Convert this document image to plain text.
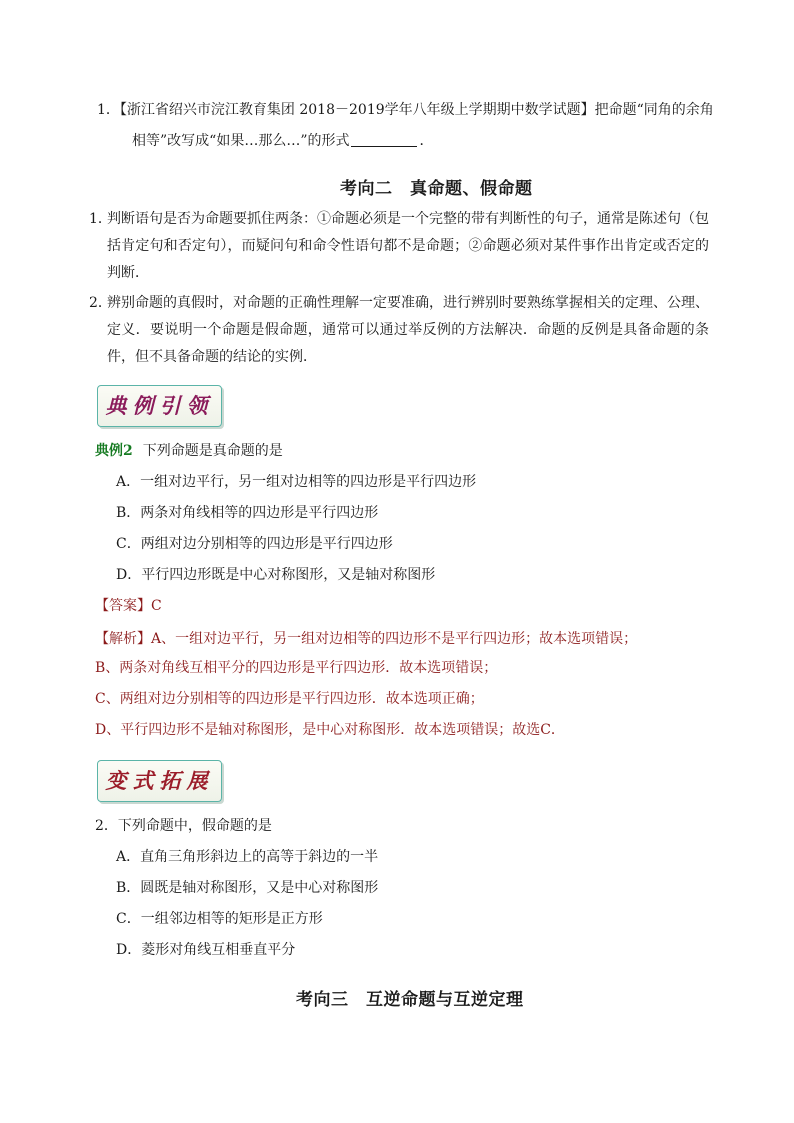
1．【浙江省绍兴市浣江教育集团 2018－2019学年八年级上学期期中数学试题】把命题“同角的余角
相等”改写成“如果…那么…”的形式	．
考向二　真命题、假命题
1．
判断语句是否为命题要抓住两条：①命题必须是一个完整的带有判断性的句子，通常是陈述句（包括肯定句和否定句），而疑问句和命令性语句都不是命题；②命题必须对某件事作出肯定或否定的判断．
2．
辨别命题的真假时，对命题的正确性理解一定要准确，进行辨别时要熟练掌握相关的定理、公理、定义．要说明一个命题是假命题，通常可以通过举反例的方法解决．命题的反例是具备命题的条件，但不具备命题的结论的实例．
典例引领
典例2 下列命题是真命题的是
A．一组对边平行，另一组对边相等的四边形是平行四边形
B．两条对角线相等的四边形是平行四边形
C．两组对边分别相等的四边形是平行四边形
D．平行四边形既是中心对称图形，又是轴对称图形
【答案】C
【解析】A、一组对边平行，另一组对边相等的四边形不是平行四边形；故本选项错误；
B、两条对角线互相平分的四边形是平行四边形．故本选项错误；
C、两组对边分别相等的四边形是平行四边形．故本选项正确；
D、平行四边形不是轴对称图形，是中心对称图形．故本选项错误；故选C．
变式拓展
2．下列命题中，假命题的是
A．直角三角形斜边上的高等于斜边的一半
B．圆既是轴对称图形，又是中心对称图形
C．一组邻边相等的矩形是正方形
D．菱形对角线互相垂直平分
考向三　互逆命题与互逆定理
